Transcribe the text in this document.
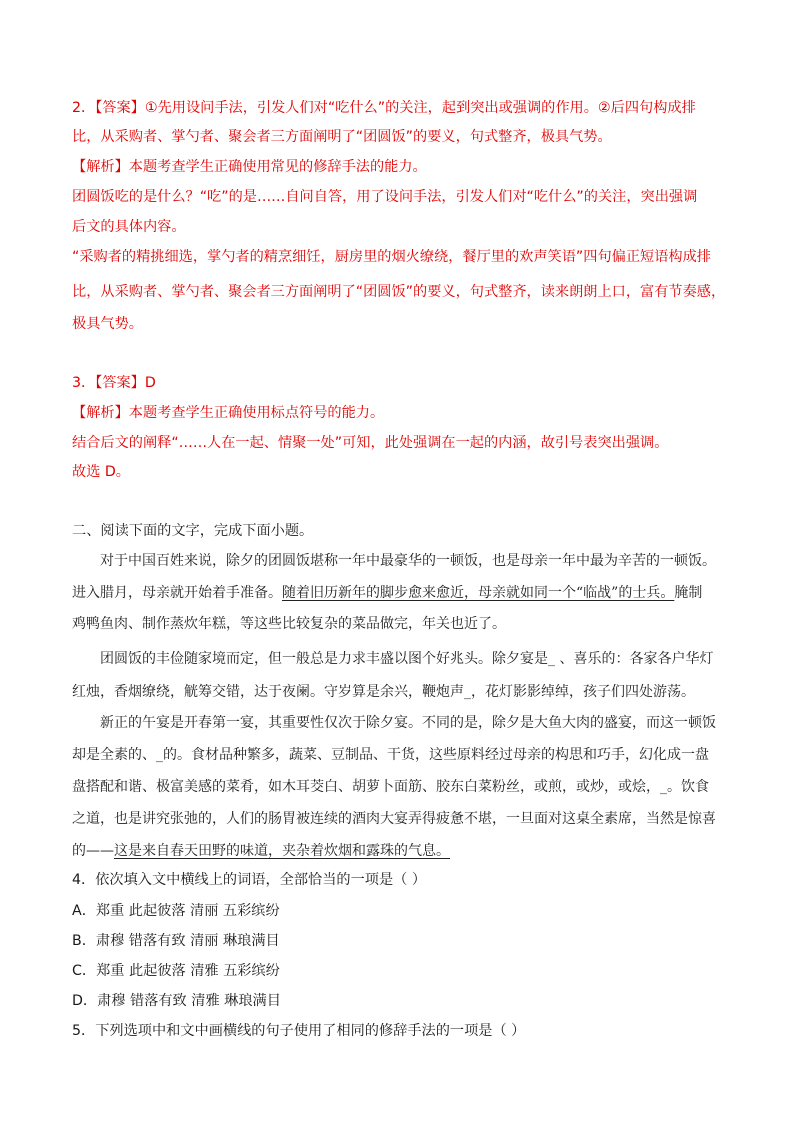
2．【答案】①先用设问手法，引发人们对“吃什么”的关注，起到突出或强调的作用。②后四句构成排
比，从采购者、掌勺者、聚会者三方面阐明了“团圆饭”的要义，句式整齐，极具气势。
【解析】本题考查学生正确使用常见的修辞手法的能力。
团圆饭吃的是什么？“吃”的是……自问自答，用了设问手法，引发人们对“吃什么”的关注，突出强调
后文的具体内容。
“采购者的精挑细选，掌勺者的精烹细饪，厨房里的烟火缭绕，餐厅里的欢声笑语”四句偏正短语构成排
比，从采购者、掌勺者、聚会者三方面阐明了“团圆饭”的要义，句式整齐，读来朗朗上口，富有节奏感，
极具气势。
3．【答案】D
【解析】本题考查学生正确使用标点符号的能力。
结合后文的阐释“……人在一起、情聚一处”可知，此处强调在一起的内涵，故引号表突出强调。
故选 D。
二、阅读下面的文字，完成下面小题。
对于中国百姓来说，除夕的团圆饭堪称一年中最豪华的一顿饭，也是母亲一年中最为辛苦的一顿饭。
进入腊月，母亲就开始着手准备。随着旧历新年的脚步愈来愈近，母亲就如同一个“临战”的士兵。腌制
鸡鸭鱼肉、制作蒸炊年糕，等这些比较复杂的菜品做完，年关也近了。
团圆饭的丰俭随家境而定，但一般总是力求丰盛以图个好兆头。除夕宴是_ 、喜乐的：各家各户华灯
红烛，香烟缭绕，觥筹交错，达于夜阑。守岁算是余兴，鞭炮声_，花灯影影绰绰，孩子们四处游荡。
新正的午宴是开春第一宴，其重要性仅次于除夕宴。不同的是，除夕是大鱼大肉的盛宴，而这一顿饭
却是全素的、_的。食材品种繁多，蔬菜、豆制品、干货，这些原料经过母亲的构思和巧手，幻化成一盘
盘搭配和谐、极富美感的菜肴，如木耳茭白、胡萝卜面筋、胶东白菜粉丝，或煎，或炒，或烩，_。饮食
之道，也是讲究张弛的，人们的肠胃被连续的酒肉大宴弄得疲惫不堪，一旦面对这桌全素席，当然是惊喜
的——这是来自春天田野的味道，夹杂着炊烟和露珠的气息。
4．依次填入文中横线上的词语，全部恰当的一项是（ ）
A．郑重 此起彼落 清丽 五彩缤纷
B．肃穆 错落有致 清丽 琳琅满目
C．郑重 此起彼落 清雅 五彩缤纷
D．肃穆 错落有致 清雅 琳琅满目
5．下列选项中和文中画横线的句子使用了相同的修辞手法的一项是（ ）
